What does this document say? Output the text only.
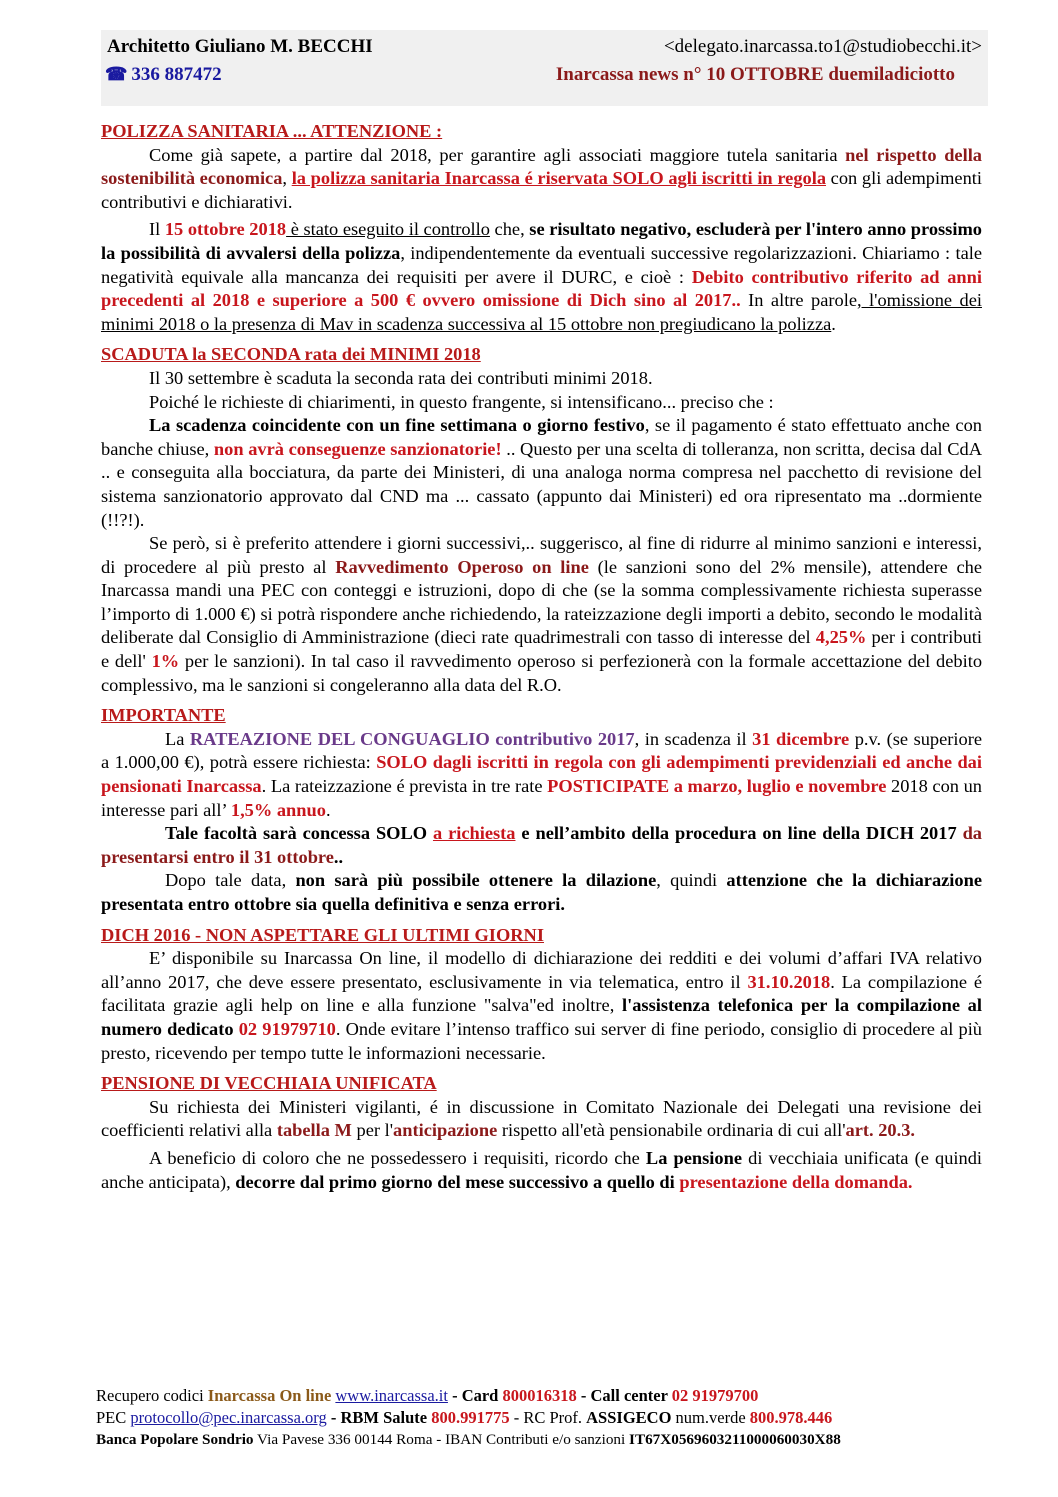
Architetto Giuliano M. BECCHI
☎ 336 887472
<delegato.inarcassa.to1@studiobecchi.it>
Inarcassa news n° 10 OTTOBRE duemiladiciotto

POLIZZA SANITARIA ... ATTENZIONE :

Come già sapete, a partire dal 2018, per garantire agli associati maggiore tutela sanitaria nel rispetto della sostenibilità economica, la polizza sanitaria Inarcassa é riservata SOLO agli iscritti in regola con gli adempimenti contributivi e dichiarativi.

Il 15 ottobre 2018 è stato eseguito il controllo che, se risultato negativo, escluderà per l'intero anno prossimo la possibilità di avvalersi della polizza, indipendentemente da eventuali successive regolarizzazioni. Chiariamo : tale negatività equivale alla mancanza dei requisiti per avere il DURC, e cioè : Debito contributivo riferito ad anni precedenti al 2018 e superiore a 500 € ovvero omissione di Dich sino al 2017.. In altre parole, l'omissione dei minimi 2018 o la presenza di Mav in scadenza successiva al 15 ottobre non pregiudicano la polizza.

SCADUTA la SECONDA rata dei MINIMI 2018

Il 30 settembre è scaduta la seconda rata dei contributi minimi 2018.

Poiché le richieste di chiarimenti, in questo frangente, si intensificano... preciso che :

La scadenza coincidente con un fine settimana o giorno festivo, se il pagamento é stato effettuato anche con banche chiuse, non avrà conseguenze sanzionatorie! .. Questo per una scelta di tolleranza, non scritta, decisa dal CdA .. e conseguita alla bocciatura, da parte dei Ministeri, di una analoga norma compresa nel pacchetto di revisione del sistema sanzionatorio approvato dal CND ma ... cassato (appunto dai Ministeri) ed ora ripresentato ma ..dormiente (!!?!).

Se però, si è preferito attendere i giorni successivi,.. suggerisco, al fine di ridurre al minimo sanzioni e interessi, di procedere al più presto al Ravvedimento Operoso on line (le sanzioni sono del 2% mensile), attendere che Inarcassa mandi una PEC con conteggi e istruzioni, dopo di che (se la somma complessivamente richiesta superasse l’importo di 1.000 €) si potrà rispondere anche richiedendo, la rateizzazione degli importi a debito, secondo le modalità deliberate dal Consiglio di Amministrazione (dieci rate quadrimestrali con tasso di interesse del 4,25% per i contributi e dell' 1% per le sanzioni). In tal caso il ravvedimento operoso si perfezionerà con la formale accettazione del debito complessivo, ma le sanzioni si congeleranno alla data del R.O.

IMPORTANTE

La RATEAZIONE DEL CONGUAGLIO contributivo 2017, in scadenza il 31 dicembre p.v. (se superiore a 1.000,00 €), potrà essere richiesta: SOLO dagli iscritti in regola con gli adempimenti previdenziali ed anche dai pensionati Inarcassa. La rateizzazione é prevista in tre rate POSTICIPATE a marzo, luglio e novembre 2018 con un interesse pari all’ 1,5% annuo.

Tale facoltà sarà concessa SOLO a richiesta e nell’ambito della procedura on line della DICH 2017 da presentarsi entro il 31 ottobre..

Dopo tale data, non sarà più possibile ottenere la dilazione, quindi attenzione che la dichiarazione presentata entro ottobre sia quella definitiva e senza errori.

DICH 2016 - NON ASPETTARE GLI ULTIMI GIORNI

E’ disponibile su Inarcassa On line, il modello di dichiarazione dei redditi e dei volumi d’affari IVA relativo all’anno 2017, che deve essere presentato, esclusivamente in via telematica, entro il 31.10.2018. La compilazione é facilitata grazie agli help on line e alla funzione "salva"ed inoltre, l'assistenza telefonica per la compilazione al numero dedicato 02 91979710. Onde evitare l’intenso traffico sui server di fine periodo, consiglio di procedere al più presto, ricevendo per tempo tutte le informazioni necessarie.

PENSIONE DI VECCHIAIA UNIFICATA

Su richiesta dei Ministeri vigilanti, é in discussione in Comitato Nazionale dei Delegati una revisione dei coefficienti relativi alla tabella M per l'anticipazione rispetto all'età pensionabile ordinaria di cui all'art. 20.3.

A beneficio di coloro che ne possedessero i requisiti, ricordo che La pensione di vecchiaia unificata (e quindi anche anticipata), decorre dal primo giorno del mese successivo a quello di presentazione della domanda.

Recupero codici Inarcassa On line www.inarcassa.it - Card 800016318 - Call center 02 91979700
PEC protocollo@pec.inarcassa.org - RBM Salute 800.991775 - RC Prof. ASSIGECO num.verde 800.978.446
Banca Popolare Sondrio Via Pavese 336 00144 Roma - IBAN Contributi e/o sanzioni IT67X0569603211000060030X88
